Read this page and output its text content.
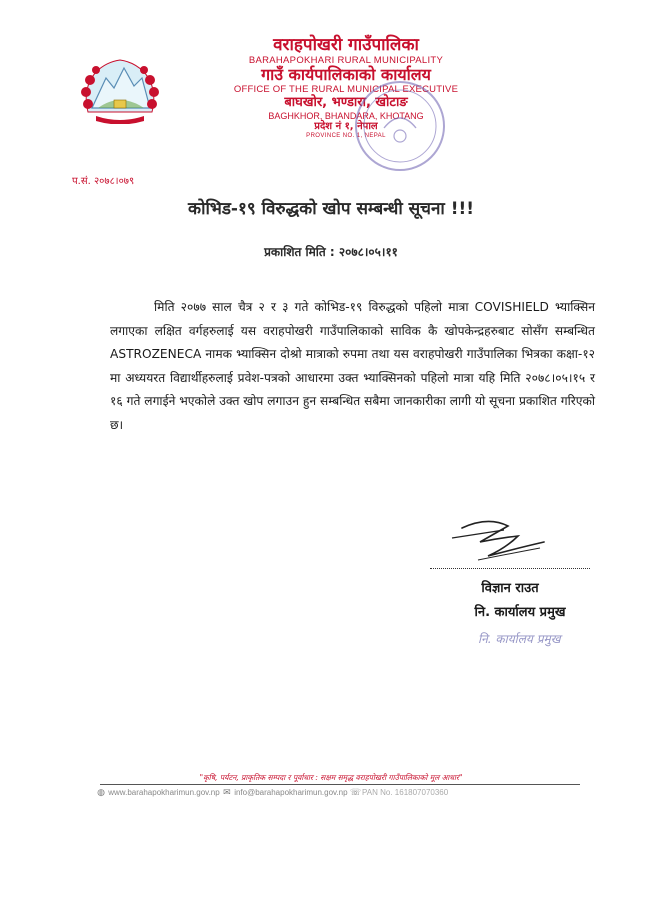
वराहपोखरी गाउँपालिका
BARAHAPOKHARI RURAL MUNICIPALITY
गाउँ कार्यपालिकाको कार्यालय
OFFICE OF THE RURAL MUNICIPAL EXECUTIVE
बाघखोर, भण्डारा, खोटाङ
BAGHKHOR, BHANDARA, KHOTANG
प्रदेश नं १, नेपाल
PROVINCE NO. 1, NEPAL
प.सं. २०७८।०७९
कोभिड-१९ विरुद्धको खोप सम्बन्धी सूचना !!!
प्रकाशित मिति : २०७८।०५।११
मिति २०७७ साल चैत्र २ र ३ गते कोभिड-१९ विरुद्धको पहिलो मात्रा COVISHIELD भ्याक्सिन लगाएका लक्षित वर्गहरुलाई यस वराहपोखरी गाउँपालिकाको साविक कै खोपकेन्द्रहरुबाट सोसँग सम्बन्धित ASTROZENECA नामक भ्याक्सिन दोश्रो मात्राको रुपमा तथा यस वराहपोखरी गाउँपालिका भित्रका कक्षा-१२ मा अध्ययरत विद्यार्थीहरुलाई प्रवेश-पत्रको आधारमा उक्त भ्याक्सिनको पहिलो मात्रा यहि मिति २०७८।०५।१५ र १६ गते लगाईने भएकोले उक्त खोप लगाउन हुन सम्बन्धित सबैमा जानकारीका लागी यो सूचना प्रकाशित गरिएको छ।
विज्ञान राउत
नि. कार्यालय प्रमुख
नि. कार्यालय प्रमुख
"कृषि, पर्यटन, प्राकृतिक सम्पदा र पूर्वाधार : सक्षम समृद्ध वराहपोखरी गाउँपालिकाको मूल आधार"
◍ www.barahapokharimun.gov.np ✉ info@barahapokharimun.gov.np ☏ PAN No. 161807070360
